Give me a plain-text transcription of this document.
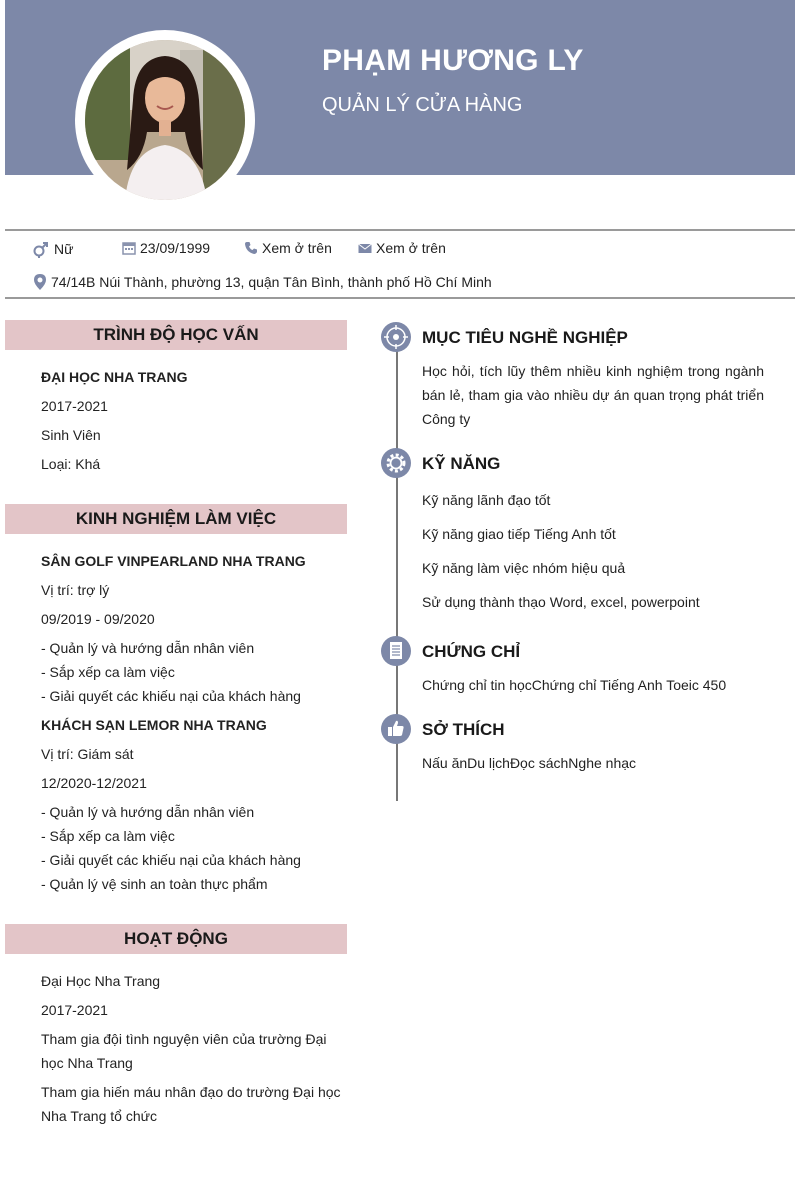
PHẠM HƯƠNG LY
QUẢN LÝ CỬA HÀNG
Nữ	23/09/1999	Xem ở trên	Xem ở trên
74/14B Núi Thành, phường 13, quận Tân Bình, thành phố Hồ Chí Minh
TRÌNH ĐỘ HỌC VẤN
ĐẠI HỌC NHA TRANG
2017-2021
Sinh Viên
Loại: Khá
KINH NGHIỆM LÀM VIỆC
SÂN GOLF VINPEARLAND NHA TRANG
Vị trí: trợ lý
09/2019 - 09/2020
- Quản lý và hướng dẫn nhân viên
- Sắp xếp ca làm việc
- Giải quyết các khiếu nại của khách hàng
KHÁCH SẠN LEMOR NHA TRANG
Vị trí: Giám sát
12/2020-12/2021
- Quản lý và hướng dẫn nhân viên
- Sắp xếp ca làm việc
- Giải quyết các khiếu nại của khách hàng
- Quản lý vệ sinh an toàn thực phẩm
HOẠT ĐỘNG
Đại Học Nha Trang
2017-2021
Tham gia đội tình nguyện viên của trường Đại
học Nha Trang
Tham gia hiến máu nhân đạo do trường Đại học
Nha Trang tổ chức
MỤC TIÊU NGHỀ NGHIỆP
Học hỏi, tích lũy thêm nhiều kinh nghiệm trong ngành bán lẻ, tham gia vào nhiều dự án quan trọng phát triển Công ty
KỸ NĂNG
Kỹ năng lãnh đạo tốt
Kỹ năng giao tiếp Tiếng Anh tốt
Kỹ năng làm việc nhóm hiệu quả
Sử dụng thành thạo Word, excel, powerpoint
CHỨNG CHỈ
Chứng chỉ tin họcChứng chỉ Tiếng Anh Toeic 450
SỞ THÍCH
Nấu ănDu lịchĐọc sáchNghe nhạc
